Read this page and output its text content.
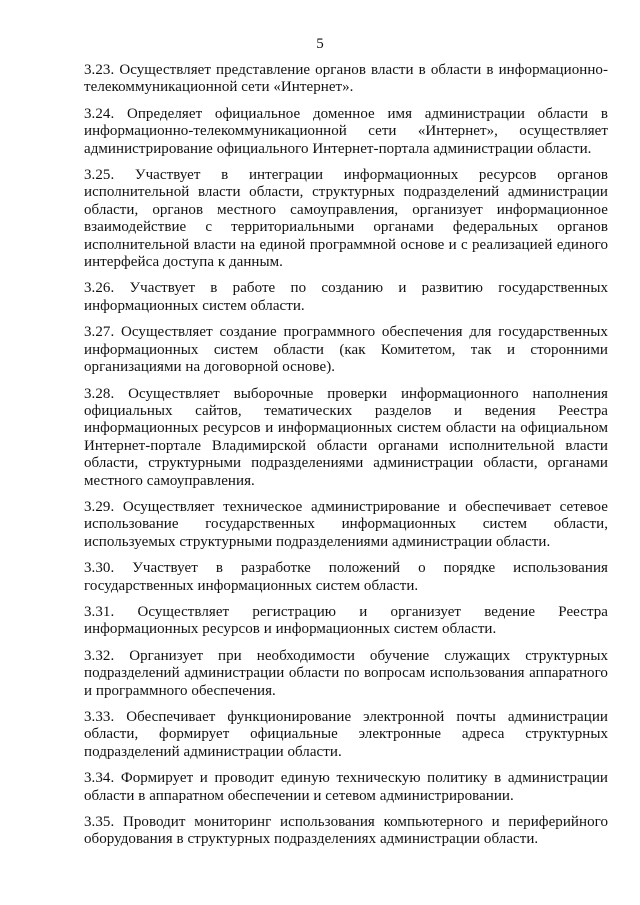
5

3.23. Осуществляет представление органов власти в области в информационно-телекоммуникационной сети «Интернет».

3.24. Определяет официальное доменное имя администрации области в информационно-телекоммуникационной сети «Интернет», осуществляет администрирование официального Интернет-портала администрации области.

3.25. Участвует в интеграции информационных ресурсов органов исполнительной власти области, структурных подразделений администрации области, органов местного самоуправления, организует информационное взаимодействие с территориальными органами федеральных органов исполнительной власти на единой программной основе и с реализацией единого интерфейса доступа к данным.

3.26. Участвует в работе по созданию и развитию государственных информационных систем области.

3.27. Осуществляет создание программного обеспечения для государственных информационных систем области (как Комитетом, так и сторонними организациями на договорной основе).

3.28. Осуществляет выборочные проверки информационного наполнения официальных сайтов, тематических разделов и ведения Реестра информационных ресурсов и информационных систем области на официальном Интернет-портале Владимирской области органами исполнительной власти области, структурными подразделениями администрации области, органами местного самоуправления.

3.29. Осуществляет техническое администрирование и обеспечивает сетевое использование государственных информационных систем области, используемых структурными подразделениями администрации области.

3.30. Участвует в разработке положений о порядке использования государственных информационных систем области.

3.31. Осуществляет регистрацию и организует ведение Реестра информационных ресурсов и информационных систем области.

3.32. Организует при необходимости обучение служащих структурных подразделений администрации области по вопросам использования аппаратного и программного обеспечения.

3.33. Обеспечивает функционирование электронной почты администрации области, формирует официальные электронные адреса структурных подразделений администрации области.

3.34. Формирует и проводит единую техническую политику в администрации области в аппаратном обеспечении и сетевом администрировании.

3.35. Проводит мониторинг использования компьютерного и периферийного оборудования в структурных подразделениях администрации области.
